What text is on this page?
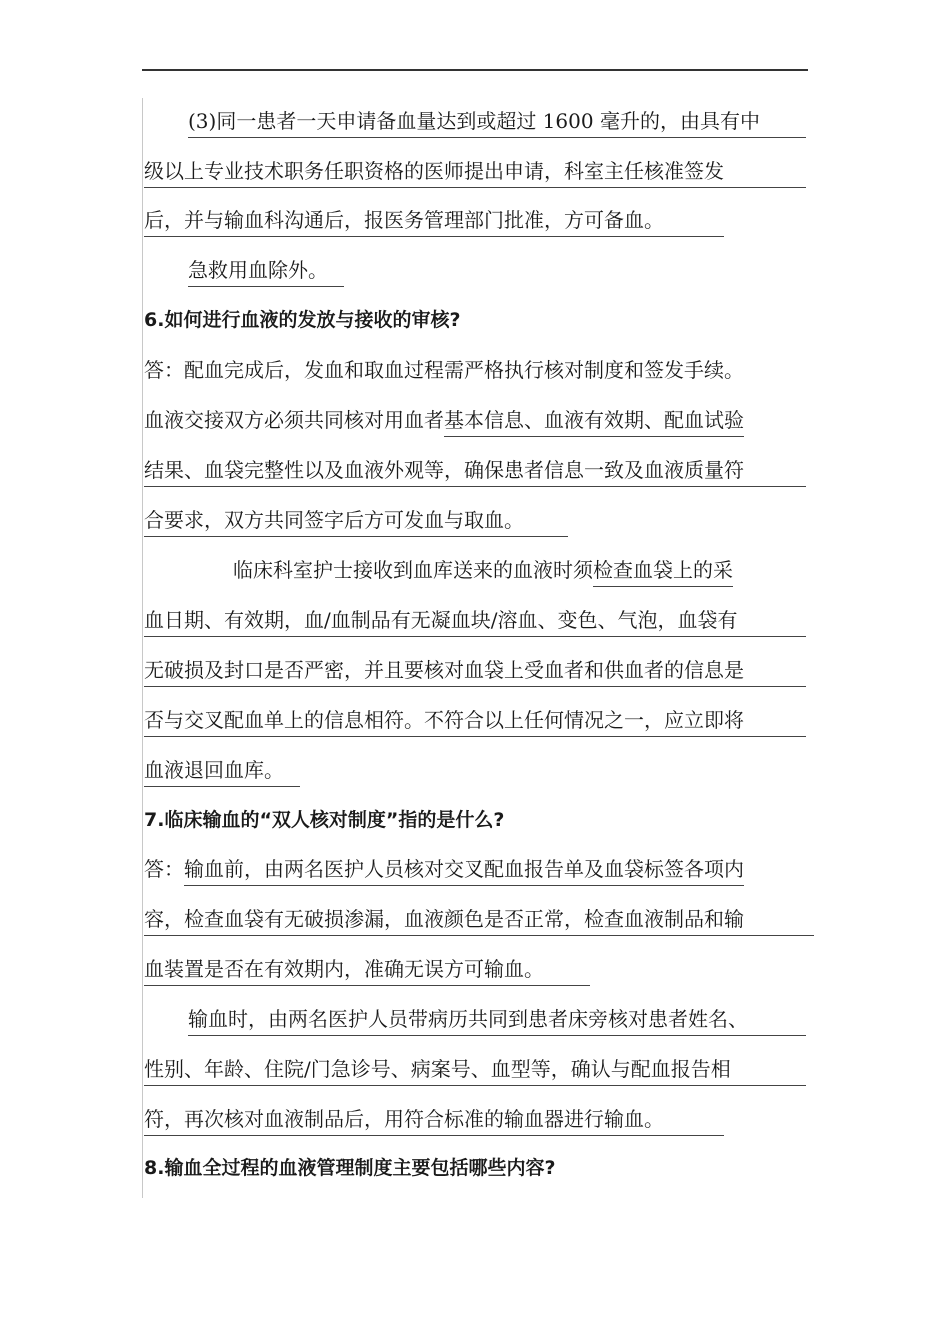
(3)同一患者一天申请备血量达到或超过 1600 毫升的，由具有中
级以上专业技术职务任职资格的医师提出申请，科室主任核准签发
后，并与输血科沟通后，报医务管理部门批准，方可备血。
急救用血除外。
6.如何进行血液的发放与接收的审核?
答：配血完成后，发血和取血过程需严格执行核对制度和签发手续。
血液交接双方必须共同核对用血者基本信息、血液有效期、配血试验
结果、血袋完整性以及血液外观等，确保患者信息一致及血液质量符
合要求，双方共同签字后方可发血与取血。
临床科室护士接收到血库送来的血液时须检查血袋上的采
血日期、有效期，血/血制品有无凝血块/溶血、变色、气泡，血袋有
无破损及封口是否严密，并且要核对血袋上受血者和供血者的信息是
否与交叉配血单上的信息相符。不符合以上任何情况之一，应立即将
血液退回血库。
7.临床输血的“双人核对制度”指的是什么?
答：输血前，由两名医护人员核对交叉配血报告单及血袋标签各项内
容，检查血袋有无破损渗漏，血液颜色是否正常，检查血液制品和输
血装置是否在有效期内，准确无误方可输血。
输血时，由两名医护人员带病历共同到患者床旁核对患者姓名、
性别、年龄、住院/门急诊号、病案号、血型等，确认与配血报告相
符，再次核对血液制品后，用符合标准的输血器进行输血。
8.输血全过程的血液管理制度主要包括哪些内容?
